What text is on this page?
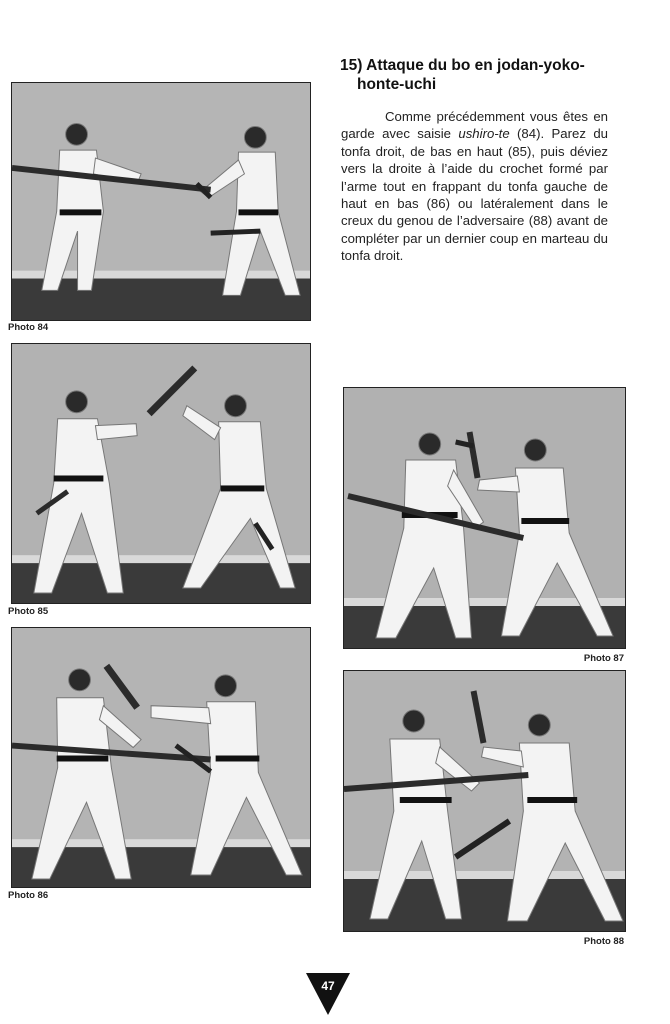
15) Attaque du bo en jodan-yoko-
honte-uchi

Comme précédemment vous êtes en garde avec saisie ushiro-te (84). Parez du tonfa droit, de bas en haut (85), puis déviez vers la droite à l’aide du crochet formé par l’arme tout en frappant du tonfa gauche de haut en bas (86) ou latéralement dans le creux du genou de l’adversaire (88) avant de compléter par un dernier coup en marteau du tonfa droit.

Photo 84
Photo 85
Photo 86
Photo 87
Photo 88
47
